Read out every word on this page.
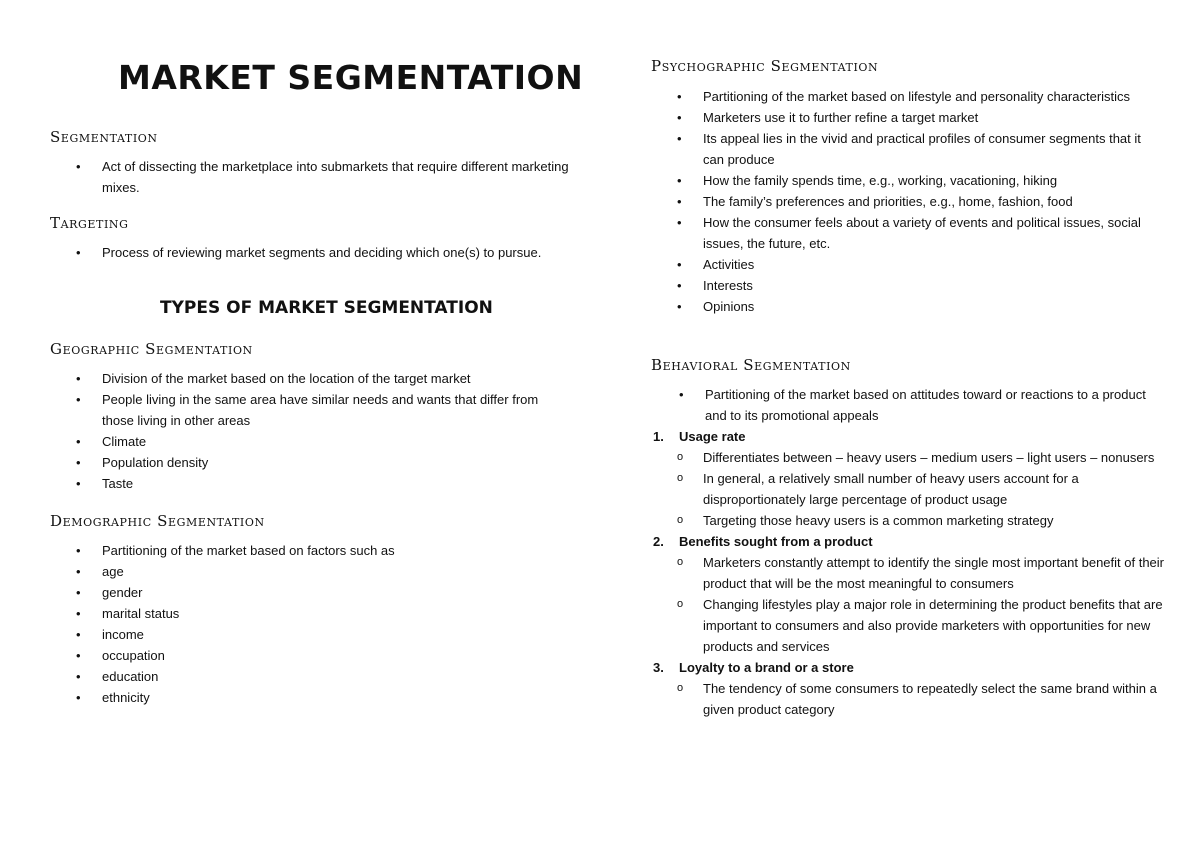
MARKET SEGMENTATION
Segmentation
• Act of dissecting the marketplace into submarkets that require different marketing mixes.
Targeting
• Process of reviewing market segments and deciding which one(s) to pursue.
TYPES OF MARKET SEGMENTATION
Geographic Segmentation
• Division of the market based on the location of the target market
• People living in the same area have similar needs and wants that differ from those living in other areas
• Climate
• Population density
• Taste
Demographic Segmentation
• Partitioning of the market based on factors such as
• age
• gender
• marital status
• income
• occupation
• education
• ethnicity
Psychographic Segmentation
• Partitioning of the market based on lifestyle and personality characteristics
• Marketers use it to further refine a target market
• Its appeal lies in the vivid and practical profiles of consumer segments that it can produce
• How the family spends time, e.g., working, vacationing, hiking
• The family’s preferences and priorities, e.g., home, fashion, food
• How the consumer feels about a variety of events and political issues, social issues, the future, etc.
• Activities
• Interests
• Opinions
Behavioral Segmentation
• Partitioning of the market based on attitudes toward or reactions to a product and to its promotional appeals
1. Usage rate
o Differentiates between – heavy users – medium users – light users – nonusers
o In general, a relatively small number of heavy users account for a disproportionately large percentage of product usage
o Targeting those heavy users is a common marketing strategy
2. Benefits sought from a product
o Marketers constantly attempt to identify the single most important benefit of their product that will be the most meaningful to consumers
o Changing lifestyles play a major role in determining the product benefits that are important to consumers and also provide marketers with opportunities for new products and services
3. Loyalty to a brand or a store
o The tendency of some consumers to repeatedly select the same brand within a given product category
